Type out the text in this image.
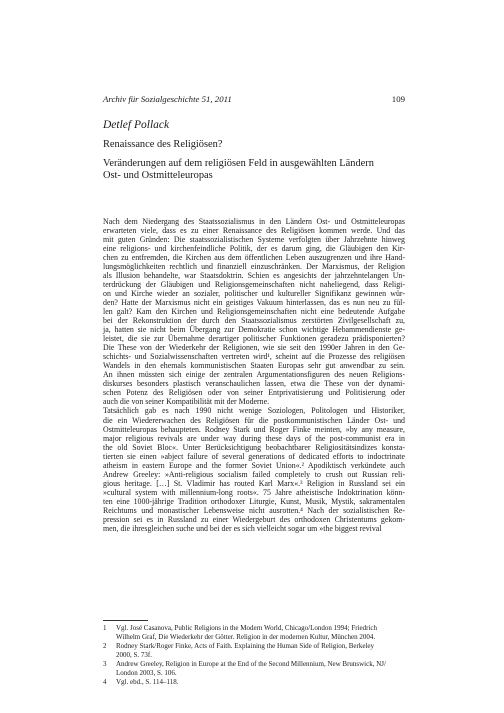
Archiv für Sozialgeschichte 51, 2011	109
Detlef Pollack
Renaissance des Religiösen?
Veränderungen auf dem religiösen Feld in ausgewählten Ländern
Ost- und Ostmitteleuropas
Nach dem Niedergang des Staatssozialismus in den Ländern Ost- und Ostmitteleuropas
erwarteten viele, dass es zu einer Renaissance des Religiösen kommen werde. Und das
mit guten Gründen: Die staatssozialistischen Systeme verfolgten über Jahrzehnte hinweg
eine religions- und kirchenfeindliche Politik, der es darum ging, die Gläubigen den Kir-
chen zu entfremden, die Kirchen aus dem öffentlichen Leben auszugrenzen und ihre Hand-
lungsmöglichkeiten rechtlich und finanziell einzuschränken. Der Marxismus, der Religion
als Illusion behandelte, war Staatsdoktrin. Schien es angesichts der jahrzehntelangen Un-
terdrückung der Gläubigen und Religionsgemeinschaften nicht naheliegend, dass Religi-
on und Kirche wieder an sozialer, politischer und kultureller Signifikanz gewinnen wür-
den? Hatte der Marxismus nicht ein geistiges Vakuum hinterlassen, das es nun neu zu fül-
len galt? Kam den Kirchen und Religionsgemeinschaften nicht eine bedeutende Aufgabe
bei der Rekonstruktion der durch den Staatssozialismus zerstörten Zivilgesellschaft zu,
ja, hatten sie nicht beim Übergang zur Demokratie schon wichtige Hebammendienste ge-
leistet, die sie zur Übernahme derartiger politischer Funktionen geradezu prädisponierten?
Die These von der Wiederkehr der Religionen, wie sie seit den 1990er Jahren in den Ge-
schichts- und Sozialwissenschaften vertreten wird¹, scheint auf die Prozesse des religiösen
Wandels in den ehemals kommunistischen Staaten Europas sehr gut anwendbar zu sein.
An ihnen müssten sich einige der zentralen Argumentationsfiguren des neuen Religions-
diskurses besonders plastisch veranschaulichen lassen, etwa die These von der dynami-
schen Potenz des Religiösen oder von seiner Entprivatisierung und Politisierung oder
auch die von seiner Kompatibilität mit der Moderne.
Tatsächlich gab es nach 1990 nicht wenige Soziologen, Politologen und Historiker,
die ein Wiedererwachen des Religiösen für die postkommunistischen Länder Ost- und
Ostmitteleuropas behaupteten. Rodney Stark und Roger Finke meinten, »by any measure,
major religious revivals are under way during these days of the post-communist era in
the old Soviet Bloc«. Unter Berücksichtigung beobachtbarer Religiositätsindizes konsta-
tierten sie einen »abject failure of several generations of dedicated efforts to indoctrinate
atheism in eastern Europe and the former Soviet Union«.² Apodiktisch verkündete auch
Andrew Greeley: »Anti-religious socialism failed completely to crush out Russian reli-
gious heritage. […] St. Vladimir has routed Karl Marx«.³ Religion in Russland sei ein
»cultural system with millennium-long roots«. 75 Jahre atheistische Indoktrination könn-
ten eine 1000-jährige Tradition orthodoxer Liturgie, Kunst, Musik, Mystik, sakramentalen
Reichtums und monastischer Lebensweise nicht ausrotten.⁴ Nach der sozialistischen Re-
pression sei es in Russland zu einer Wiedergeburt des orthodoxen Christentums gekom-
men, die ihresgleichen suche und bei der es sich vielleicht sogar um »the biggest revival
1	Vgl. José Casanova, Public Religions in the Modern World, Chicago/London 1994; Friedrich
Wilhelm Graf, Die Wiederkehr der Götter. Religion in der modernen Kultur, München 2004.
2	Rodney Stark/Roger Finke, Acts of Faith. Explaining the Human Side of Religion, Berkeley
2000, S. 73f.
3	Andrew Greeley, Religion in Europe at the End of the Second Millennium, New Brunswick, NJ/
London 2003, S. 106.
4	Vgl. ebd., S. 114–118.
